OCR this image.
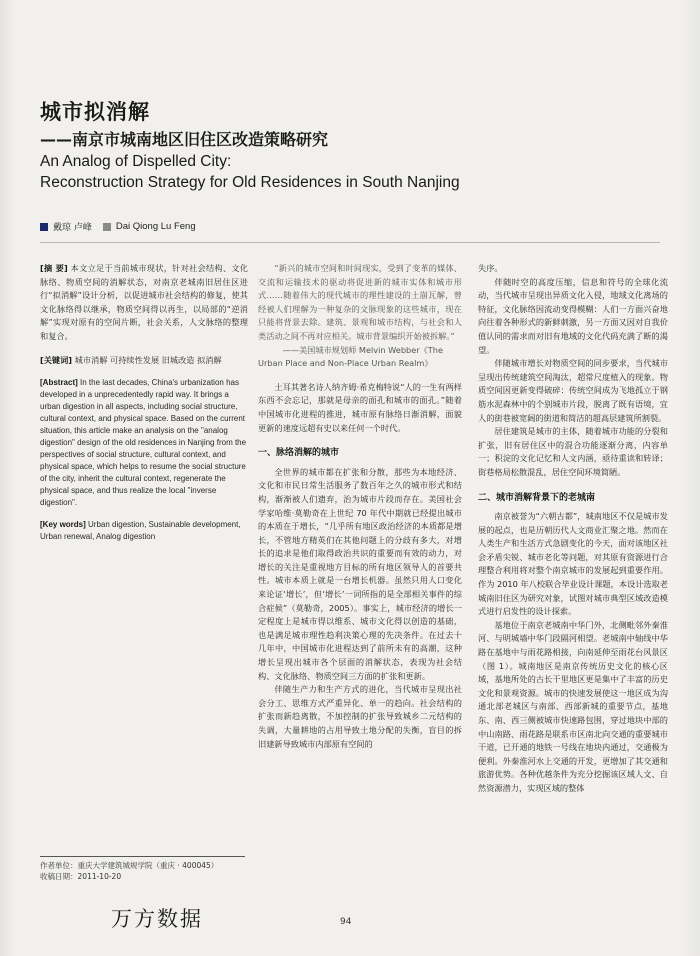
城市拟消解
——南京市城南地区旧住区改造策略研究
An Analog of Dispelled City:
Reconstruction Strategy for Old Residences in South Nanjing
戴琼 卢峰	Dai Qiong Lu Feng

[摘 要] 本文立足于当前城市现状，针对社会结构、文化脉络、物质空间的消解状态，对南京老城南旧居住区进行“拟消解”设计分析，以促进城市社会结构的修复，使其文化脉络得以继承，物质空间得以再生，以局部的“逆消解”实现对原有的空间片断，社会关系，人文脉络的整理和复合。

[关键词] 城市消解 可持续性发展 旧城改造 拟消解

[Abstract] In the last decades, China's urbanization has developed in a unprecedentedly rapid way. It brings a urban digestion in all aspects, including social structure, cultural context, and physical space. Based on the current situation, this article make an analysis on the "analog digestion" design of the old residences in Nanjing from the perspectives of social structure, cultural context, and physical space, which helps to resume the social structure of the city, inherit the cultural context, regenerate the physical space, and thus realize the local "inverse digestion".

[Key words] Urban digestion, Sustainable development, Urban renewal, Analog digestion

“新兴的城市空间和时间现实，受到了变革的媒体、交流和运输技术的驱动将促进新的城市实体和城市形式……随着伟大的现代城市的理性建设的土崩瓦解，曾经被人们理解为一种复杂的文脉现象的这些城市，现在只能将背景去除。建筑、景观和城市结构，与社会和人类活动之间不再对应相关。城市背景编织开始被拆解。”

——美国城市规划师 Melvin Webber《The

Urban Place and Non-Place Urban Realm》

土耳其著名诗人纳齐姆·希克梅特说“人的一生有两样东西不会忘记，那就是母亲的面孔和城市的面孔。”随着中国城市化进程的推进，城市原有脉络日渐消解，面貌更新的速度远超有史以来任何一个时代。

一、脉络消解的城市

全世界的城市都在扩张和分散，那些为本地经济、文化和市民日常生活服务了数百年之久的城市形式和结构，渐渐被人们遗弃，治为城市片段而存在。美国社会学家哈维·莫勒奇在上世纪 70 年代中期就已经提出城市的本质在于增长，“几乎所有地区政治经济的本质都是增长，不管地方精英们在其他问题上的分歧有多大，对增长的追求是他们取得政治共识的重要而有效的动力，对增长的关注是重视地方目标的所有地区领导人的首要共性。城市本质上就是一台增长机器。虽然只用人口变化来论证‘增长’，但‘增长’一词所指的是全部相关事件的综合症候”（莫勒奇，2005）。事实上，城市经济的增长一定程度上是城市得以维系、城市文化得以创造的基础，也是满足城市理性趋利决策心理的先决条件。在过去十几年中，中国城市化进程达到了前所未有的高潮，这种增长呈现出城市各个层面的消解状态，表现为社会结构、文化脉络、物质空间三方面的扩张和更新。

伴随生产力和生产方式的进化，当代城市呈现出社会分工、思维方式严重异化、单一的趋向。社会结构的扩张而新趋离散，不加控制的扩张导致城乡二元结构的失调，大量耕地的占用导致土地分配的失衡，盲目的拆旧建新导致城市内部原有空间的

失序。

伴随时空的高度压缩，信息和符号的全球化流动，当代城市呈现出异质文化入侵，地域文化离场的特征，文化脉络因流动变得模糊：人们一方面兴奋地向往着各种形式的新鲜刺激，另一方面又因对自我价值认同的需求而对旧有地域的文化代码充满了断的渴望。

伴随城市增长对物质空间的同步要求，当代城市呈现出传统建筑空间淘汰，超常尺度植入的现象。物质空间因更新变得破碎：传统空间成为飞地孤立于钢筋水泥森林中的个别城市片段，脱离了既有语境，宜人的街巷被宽阔的街道和简洁的超高层建筑所割裂。

居住建筑是城市的主体，随着城市功能的分裂和扩张，旧有居住区中的混合功能逐渐分离，内容单一；积淀的文化记忆和人文内涵，亟待重读和转译；街巷格局松散混乱，居住空间环境简陋。

二、城市消解背景下的老城南

南京被誉为“六朝古都”，城南地区不仅是城市发展的起点，也是历朝历代人文商业汇聚之地。然而在人类生产和生活方式急剧变化的今天，面对该地区社会矛盾尖锐、城市老化等问题，对其原有资源进行合理整合利用将对整个南京城市的发展起到重要作用。作为 2010 年八校联合毕业设计课题，本设计选取老城南旧住区为研究对象，试图对城市典型区域改造模式进行启发性的设计探索。

基地位于南京老城南中华门外，北侧毗邻外秦淮河、与明城墙中华门段隔河相望。老城南中轴线中华路在基地中与雨花路相接，向南延伸至雨花台风景区（图 1）。城南地区是南京传统历史文化的核心区域，基地所处的古长干里地区更是集中了丰富的历史文化和景观资源。城市的快速发展使这一地区成为沟通北部老城区与南部、西部新城的重要节点，基地东、南、西三侧被城市快速路包围，穿过地块中部的中山南路、雨花路是联系市区南北向交通的重要城市干道，已开通的地铁一号线在地块内通过，交通极为便利。外秦淮河水上交通的开发，更增加了其交通和旅游优势。各种优越条件为充分挖掘该区域人文、自然资源潜力，实现区域的整体

作者单位：重庆大学建筑城规学院（重庆 · 400045）
收稿日期：2011-10-20
万方数据	94
